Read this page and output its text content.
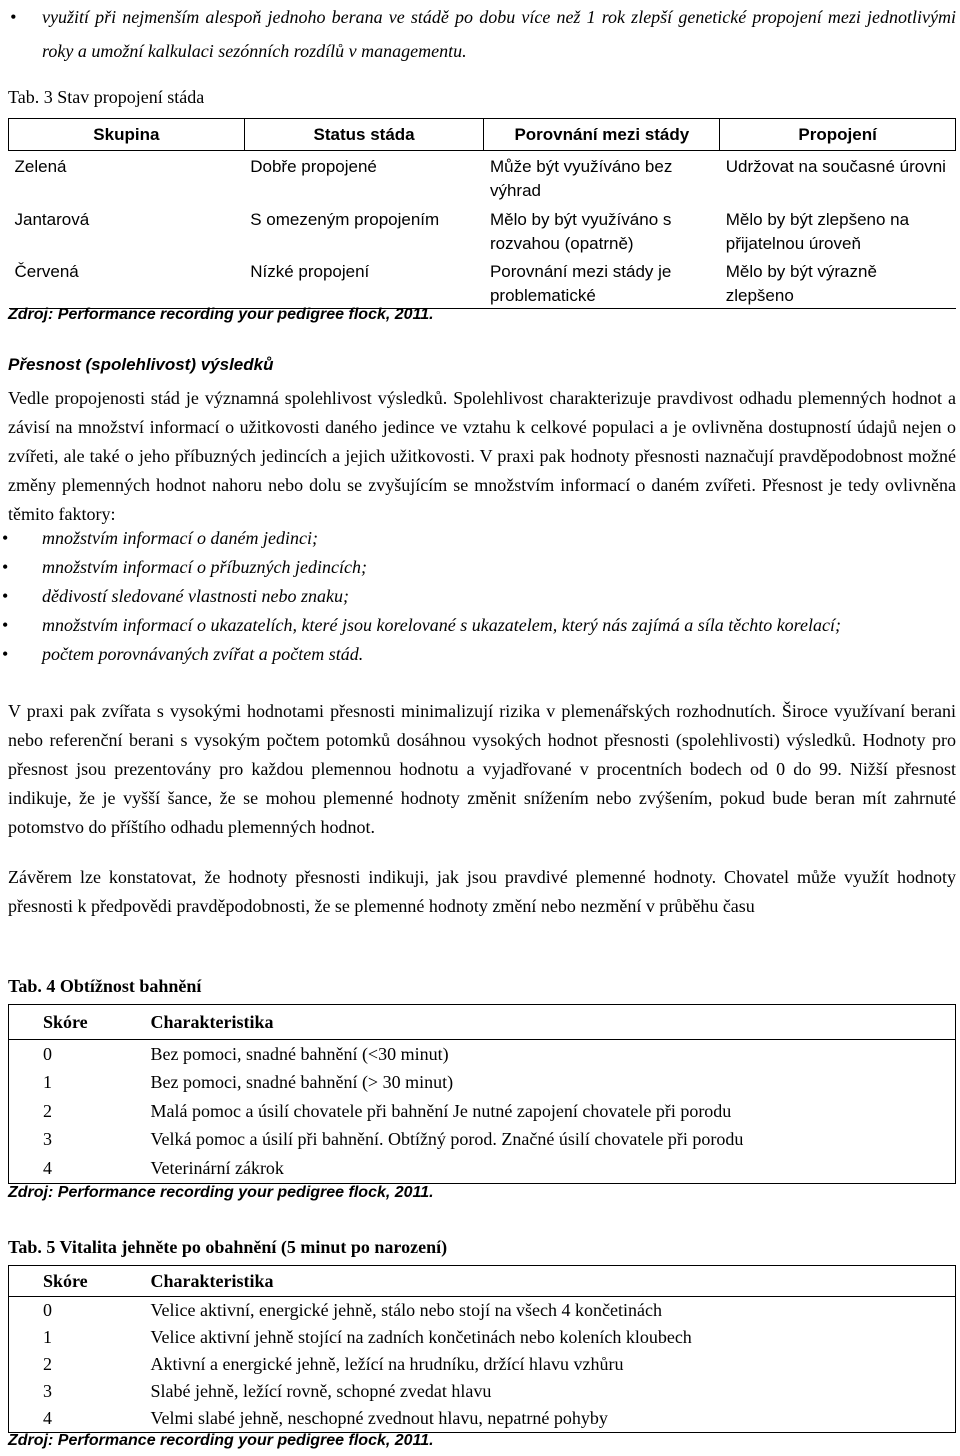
•	využití při nejmenším alespoň jednoho berana ve stádě po dobu více než 1 rok zlepší genetické propojení mezi jednotlivými roky a umožní kalkulaci sezónních rozdílů v managementu.
Tab. 3 Stav propojení stáda
Skupina	Status stáda	Porovnání mezi stády	Propojení
Zelená	Dobře propojené	Může být využíváno bez výhrad	Udržovat na současné úrovni
Jantarová	S omezeným propojením	Mělo by být využíváno s rozvahou (opatrně)	Mělo by být zlepšeno na přijatelnou úroveň
Červená	Nízké propojení	Porovnání mezi stády je problematické	Mělo by být výrazně zlepšeno
Zdroj: Performance recording your pedigree flock, 2011.
Přesnost (spolehlivost) výsledků
Vedle propojenosti stád je významná spolehlivost výsledků. Spolehlivost charakterizuje pravdivost odhadu plemenných hodnot a závisí na množství informací o užitkovosti daného jedince ve vztahu k celkové populaci a je ovlivněna dostupností údajů nejen o zvířeti, ale také o jeho příbuzných jedincích a jejich užitkovosti. V praxi pak hodnoty přesnosti naznačují pravděpodobnost možné změny plemenných hodnot nahoru nebo dolu se zvyšujícím se množstvím informací o daném zvířeti. Přesnost je tedy ovlivněna těmito faktory:
• množstvím informací o daném jedinci;
• množstvím informací o příbuzných jedincích;
• dědivostí sledované vlastnosti nebo znaku;
• množstvím informací o ukazatelích, které jsou korelované s ukazatelem, který nás zajímá a síla těchto korelací;
• počtem porovnávaných zvířat a počtem stád.
V praxi pak zvířata s vysokými hodnotami přesnosti minimalizují rizika v plemenářských rozhodnutích. Široce využívaní berani nebo referenční berani s vysokým počtem potomků dosáhnou vysokých hodnot přesnosti (spolehlivosti) výsledků. Hodnoty pro přesnost jsou prezentovány pro každou plemennou hodnotu a vyjadřované v procentních bodech od 0 do 99. Nižší přesnost indikuje, že je vyšší šance, že se mohou plemenné hodnoty změnit snížením nebo zvýšením, pokud bude beran mít zahrnuté potomstvo do příštího odhadu plemenných hodnot.
Závěrem lze konstatovat, že hodnoty přesnosti indikuji, jak jsou pravdivé plemenné hodnoty. Chovatel může využít hodnoty přesnosti k předpovědi pravděpodobnosti, že se plemenné hodnoty změní nebo nezmění v průběhu času
Tab. 4 Obtížnost bahnění
Skóre	Charakteristika
0	Bez pomoci, snadné bahnění (<30 minut)
1	Bez pomoci, snadné bahnění (> 30 minut)
2	Malá pomoc a úsilí chovatele při bahnění Je nutné zapojení chovatele při porodu
3	Velká pomoc a úsilí při bahnění. Obtížný porod. Značné úsilí chovatele při porodu
4	Veterinární zákrok
Zdroj: Performance recording your pedigree flock, 2011.
Tab. 5 Vitalita jehněte po obahnění (5 minut po narození)
Skóre	Charakteristika
0	Velice aktivní, energické jehně, stálo nebo stojí na všech 4 končetinách
1	Velice aktivní jehně stojící na zadních končetinách nebo koleních kloubech
2	Aktivní a energické jehně, ležící na hrudníku, držící hlavu vzhůru
3	Slabé jehně, ležící rovně, schopné zvedat hlavu
4	Velmi slabé jehně, neschopné zvednout hlavu, nepatrné pohyby
Zdroj: Performance recording your pedigree flock, 2011.
